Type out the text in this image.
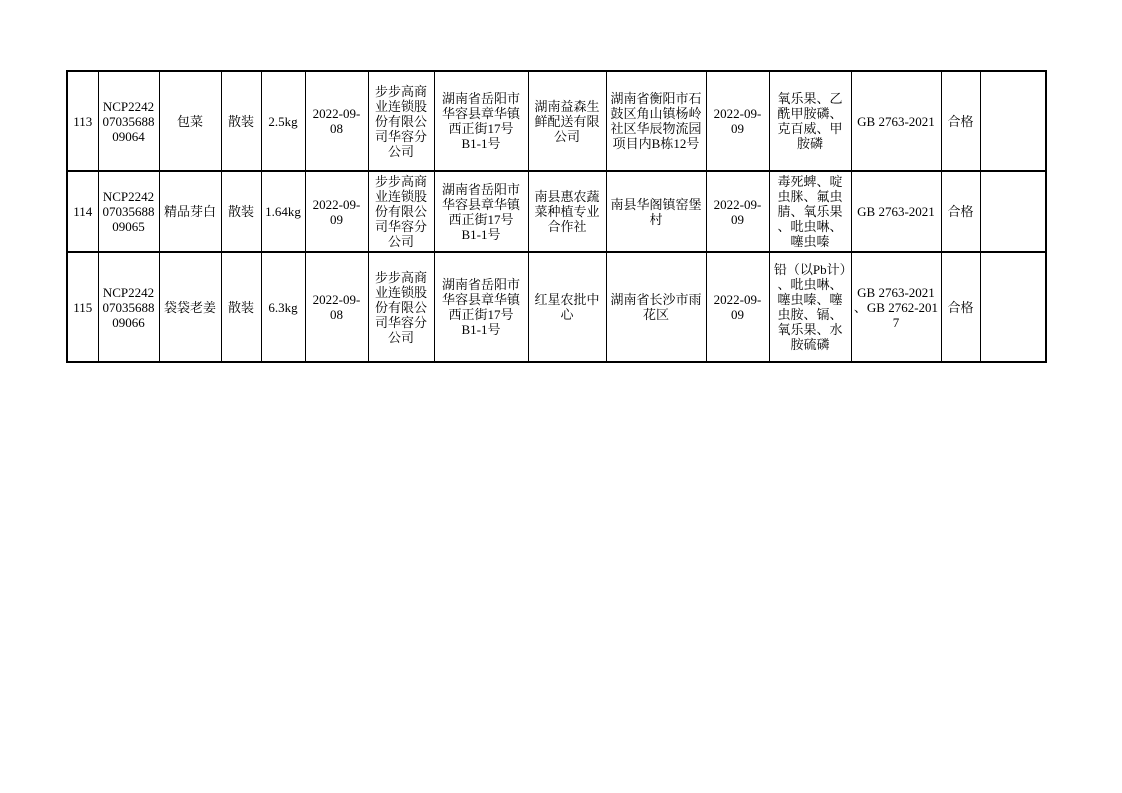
113	NCP22420703568809064	包菜	散装	2.5kg	2022-09-08	步步高商业连锁股份有限公司华容分公司	湖南省岳阳市华容县章华镇西正街17号B1-1号	湖南益森生鲜配送有限公司	湖南省衡阳市石鼓区角山镇杨岭社区华辰物流园项目内B栋12号	2022-09-09	氧乐果、乙酰甲胺磷、克百威、甲胺磷	GB 2763-2021	合格	
114	NCP22420703568809065	精品芽白	散装	1.64kg	2022-09-09	步步高商业连锁股份有限公司华容分公司	湖南省岳阳市华容县章华镇西正街17号B1-1号	南县惠农蔬菜种植专业合作社	南县华阁镇窑堡村	2022-09-09	毒死蜱、啶虫脒、氟虫腈、氧乐果、吡虫啉、噻虫嗪	GB 2763-2021	合格	
115	NCP22420703568809066	袋袋老姜	散装	6.3kg	2022-09-08	步步高商业连锁股份有限公司华容分公司	湖南省岳阳市华容县章华镇西正街17号B1-1号	红星农批中心	湖南省长沙市雨花区	2022-09-09	铅（以Pb计）、吡虫啉、噻虫嗪、噻虫胺、镉、氧乐果、水胺硫磷	GB 2763-2021、GB 2762-2017	合格	
